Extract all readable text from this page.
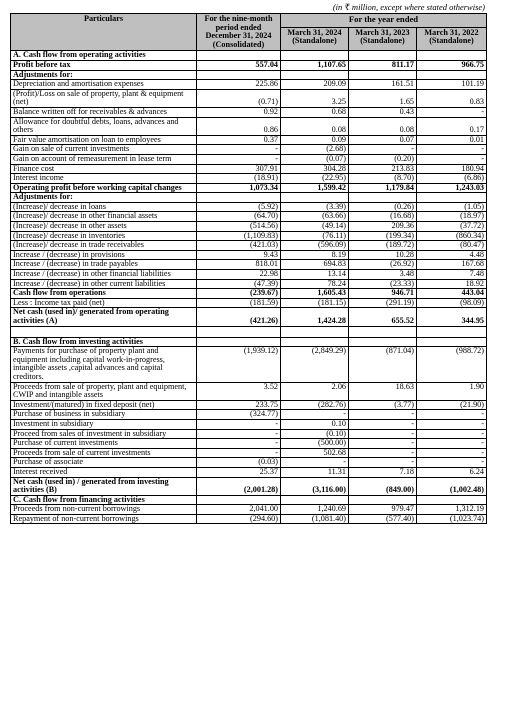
(in ₹ million, except where stated otherwise)
Particulars	For the nine-month period ended December 31, 2024 (Consolidated)	For the year ended		
		March 31, 2024 (Standalone)	March 31, 2023 (Standalone)	March 31, 2022 (Standalone)
A. Cash flow from operating activities				
Profit before tax	557.04	1,107.65	811.17	966.75
Adjustments for:				
Depreciation and amortisation expenses	225.86	209.09	161.51	101.19
(Profit)/Loss on sale of property, plant & equipment (net)	(0.71)	3.25	1.65	0.83
Balance written off for receivables & advances	0.92	0.68	0.43	-
Allowance for doubtful debts, loans, advances and others	0.86	0.08	0.08	0.17
Fair value amortisation on loan to employees	0.37	0.09	0.07	0.01
Gain on sale of current investments	-	(2.68)	-	-
Gain on account of remeasurement in lease term	-	(0.07)	(0.20)	-
Finance cost	307.91	304.28	213.83	180.94
Interest income	(18.91)	(22.95)	(8.70)	(6.86)
Operating profit before working capital changes	1,073.34	1,599.42	1,179.84	1,243.03
Adjustments for:				
(Increase)/ decrease in loans	(5.92)	(3.39)	(0.26)	(1.05)
(Increase)/ decrease in other financial assets	(64.70)	(63.66)	(16.68)	(18.97)
(Increase)/ decrease in other assets	(514.56)	(49.14)	209.36	(37.72)
(Increase)/ decrease in inventories	(1,109.83)	(76.11)	(199.34)	(860.34)
(Increase)/ decrease in trade receivables	(421.03)	(596.09)	(189.72)	(80.47)
Increase / (decrease) in provisions	9.43	8.19	10.28	4.48
Increase / (decrease) in trade payables	818.01	694.83	(26.92)	167.68
Increase / (decrease) in other financial liabilities	22.98	13.14	3.48	7.48
Increase / (decrease) in other current liabilities	(47.39)	78.24	(23.33)	18.92
Cash flow from operations	(239.67)	1,605.43	946.71	443.04
Less : Income tax paid (net)	(181.59)	(181.15)	(291.19)	(98.09)
Net cash (used in)/ generated from operating activities (A)	(421.26)	1,424.28	655.52	344.95

B. Cash flow from investing activities				
Payments for purchase of property plant and equipment including capital work-in-progress, intangible assets ,capital advances and capital creditors.	(1,939.12)	(2,849.29)	(871.04)	(988.72)
Proceeds from sale of property, plant and equipment, CWIP and intangible assets	3.52	2.06	18.63	1.90
Investment/(matured) in fixed deposit (net)	233.75	(282.76)	(3.77)	(21.90)
Purchase of business in subsidiary	(324.77)	-	-	-
Investment in subsidiary	-	0.10	-	-
Proceed from sales of investment in subsidiary	-	(0.10)	-	-
Purchase of current investments	-	(500.00)	-	-
Proceeds from sale of current investments	-	502.68	-	-
Purchase of associate	(0.03)	-	-	-
Interest received	25.37	11.31	7.18	6.24
Net cash (used in) / generated from investing activities (B)	(2,001.28)	(3,116.00)	(849.00)	(1,002.48)
C. Cash flow from financing activities				
Proceeds from non-current borrowings	2,041.00	1,240.69	979.47	1,312.19
Repayment of non-current borrowings	(294.60)	(1,081.40)	(577.40)	(1,023.74)
